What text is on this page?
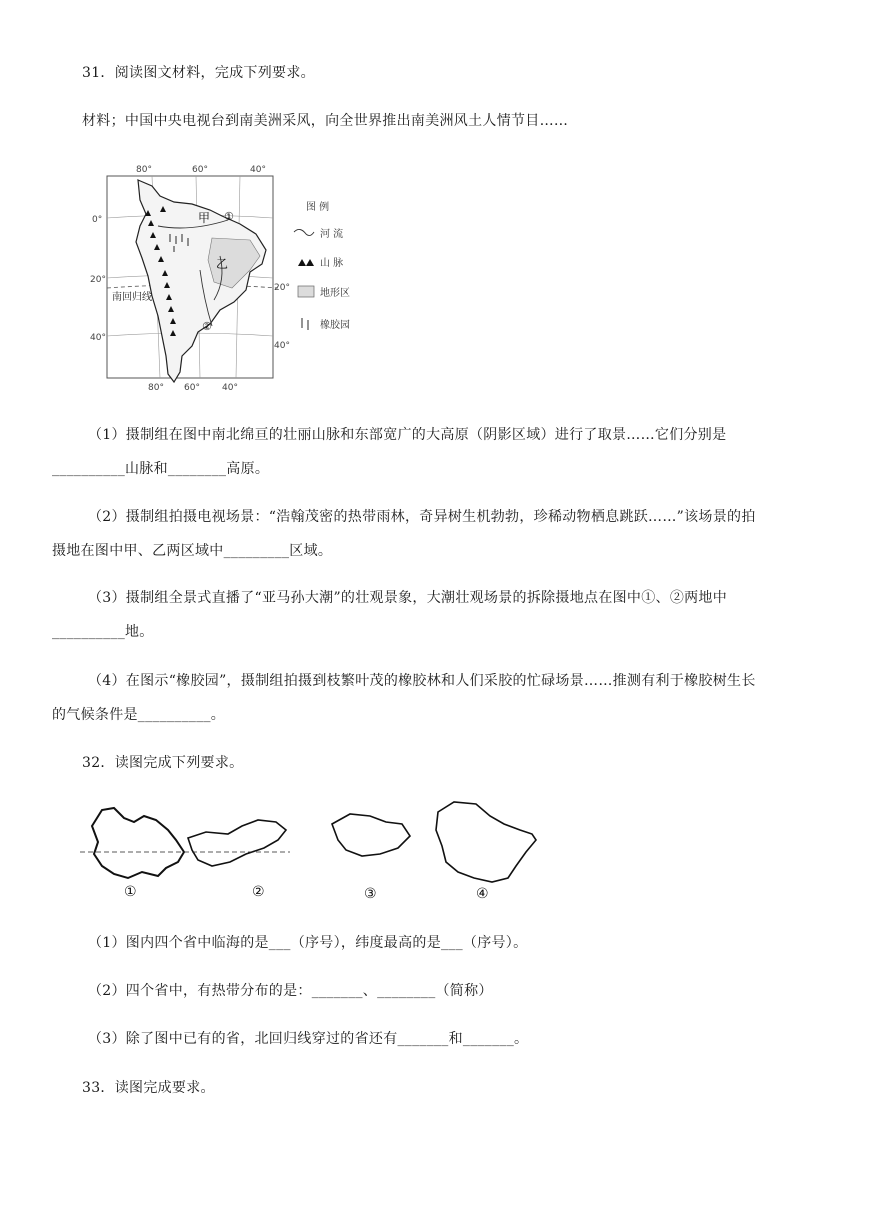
31．阅读图文材料，完成下列要求。
材料；中国中央电视台到南美洲采风，向全世界推出南美洲风土人情节目……
80°	60°	40°
80° 60° 40°
0°
20°
40°
20°
40°
南回归线
甲
乙
①
②
图 例
河 流
山 脉
地形区
橡胶园
（1）摄制组在图中南北绵亘的壮丽山脉和东部宽广的大高原（阴影区域）进行了取景……它们分别是
__________山脉和________高原。
（2）摄制组拍摄电视场景：“浩翰茂密的热带雨林，奇异树生机勃勃，珍稀动物栖息跳跃……”该场景的拍
摄地在图中甲、乙两区域中_________区域。
（3）摄制组全景式直播了“亚马孙大潮”的壮观景象，大潮壮观场景的拆除摄地点在图中①、②两地中
__________地。
（4）在图示“橡胶园”，摄制组拍摄到枝繁叶茂的橡胶林和人们采胶的忙碌场景……推测有利于橡胶树生长
的气候条件是__________。
32．读图完成下列要求。
①	②	③	④
（1）图内四个省中临海的是___（序号），纬度最高的是___（序号）。
（2）四个省中，有热带分布的是：_______、________（简称）
（3）除了图中已有的省，北回归线穿过的省还有_______和_______。
33．读图完成要求。
